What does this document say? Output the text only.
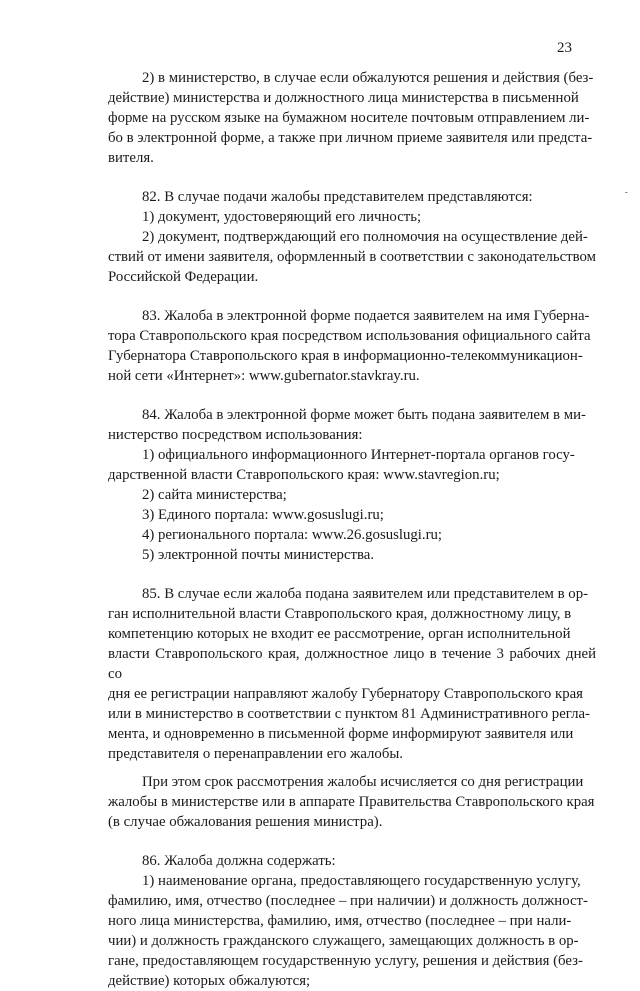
23
-

2) в министерство, в случае если обжалуются решения и действия (без-
действие) министерства и должностного лица министерства в письменной
форме на русском языке на бумажном носителе почтовым отправлением ли-
бо в электронной форме, а также при личном приеме заявителя или предста-
вителя.

82. В случае подачи жалобы представителем представляются:

1) документ, удостоверяющий его личность;

2) документ, подтверждающий его полномочия на осуществление дей-
ствий от имени заявителя, оформленный в соответствии с законодательством
Российской Федерации.

83. Жалоба в электронной форме подается заявителем на имя Губерна-
тора Ставропольского края посредством использования официального сайта
Губернатора Ставропольского края в информационно-телекоммуникацион-
ной сети «Интернет»: www.gubernator.stavkray.ru.

84. Жалоба в электронной форме может быть подана заявителем в ми-
нистерство посредством использования:

1) официального информационного Интернет-портала органов госу-
дарственной власти Ставропольского края: www.stavregion.ru;

2) сайта министерства;

3) Единого портала: www.gosuslugi.ru;

4) регионального портала: www.26.gosuslugi.ru;

5) электронной почты министерства.

85. В случае если жалоба подана заявителем или представителем в ор-
ган исполнительной власти Ставропольского края, должностному лицу, в
компетенцию которых не входит ее рассмотрение, орган исполнительной
власти Ставропольского края, должностное лицо в течение 3 рабочих дней со
дня ее регистрации направляют жалобу Губернатору Ставропольского края
или в министерство в соответствии с пунктом 81 Административного регла-
мента, и одновременно в письменной форме информируют заявителя или
представителя о перенаправлении его жалобы.

При этом срок рассмотрения жалобы исчисляется со дня регистрации
жалобы в министерстве или в аппарате Правительства Ставропольского края
(в случае обжалования решения министра).

86. Жалоба должна содержать:

1) наименование органа, предоставляющего государственную услугу,
фамилию, имя, отчество (последнее – при наличии) и должность должност-
ного лица министерства, фамилию, имя, отчество (последнее – при нали-
чии) и должность гражданского служащего, замещающих должность в ор-
гане, предоставляющем государственную услугу, решения и действия (без-
действие) которых обжалуются;
